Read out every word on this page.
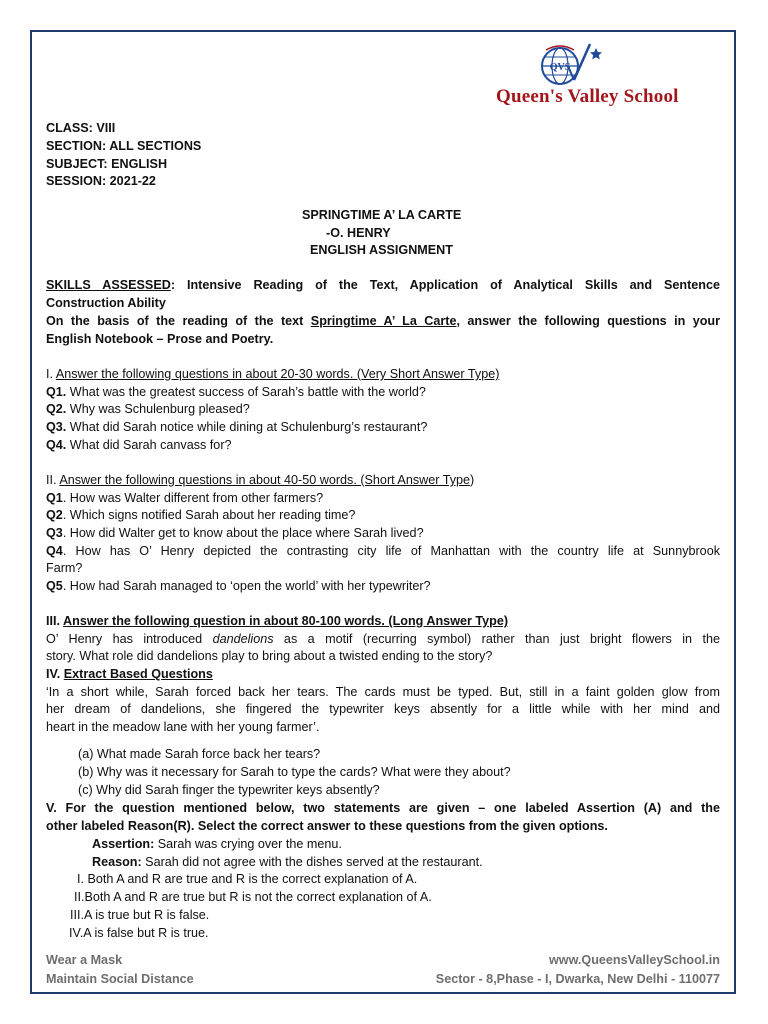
QVS
Queen's Valley School
CLASS: VIII
SECTION: ALL SECTIONS
SUBJECT: ENGLISH
SESSION: 2021-22
SPRINGTIME A’ LA CARTE
-O. HENRY
ENGLISH ASSIGNMENT
SKILLS ASSESSED: Intensive Reading of the Text, Application of Analytical Skills and Sentence
Construction Ability
On the basis of the reading of the text Springtime A’ La Carte, answer the following questions in your
English Notebook – Prose and Poetry.
I. Answer the following questions in about 20-30 words. (Very Short Answer Type)
Q1. What was the greatest success of Sarah’s battle with the world?
Q2. Why was Schulenburg pleased?
Q3. What did Sarah notice while dining at Schulenburg’s restaurant?
Q4. What did Sarah canvass for?
II. Answer the following questions in about 40-50 words. (Short Answer Type)
Q1. How was Walter different from other farmers?
Q2. Which signs notified Sarah about her reading time?
Q3. How did Walter get to know about the place where Sarah lived?
Q4. How has O’ Henry depicted the contrasting city life of Manhattan with the country life at Sunnybrook
Farm?
Q5. How had Sarah managed to ‘open the world’ with her typewriter?
III. Answer the following question in about 80-100 words. (Long Answer Type)
O’ Henry has introduced dandelions as a motif (recurring symbol) rather than just bright flowers in the
story. What role did dandelions play to bring about a twisted ending to the story?
IV. Extract Based Questions
‘In a short while, Sarah forced back her tears. The cards must be typed. But, still in a faint golden glow from
her dream of dandelions, she fingered the typewriter keys absently for a little while with her mind and
heart in the meadow lane with her young farmer’.
(a) What made Sarah force back her tears?
(b) Why was it necessary for Sarah to type the cards? What were they about?
(c) Why did Sarah finger the typewriter keys absently?
V. For the question mentioned below, two statements are given – one labeled Assertion (A) and the
other labeled Reason(R). Select the correct answer to these questions from the given options.
Assertion: Sarah was crying over the menu.
Reason: Sarah did not agree with the dishes served at the restaurant.
I. Both A and R are true and R is the correct explanation of A.
II.Both A and R are true but R is not the correct explanation of A.
III.A is true but R is false.
IV.A is false but R is true.
Wear a Mask	www.QueensValleySchool.in
Maintain Social Distance	Sector - 8,Phase - I, Dwarka, New Delhi - 110077
